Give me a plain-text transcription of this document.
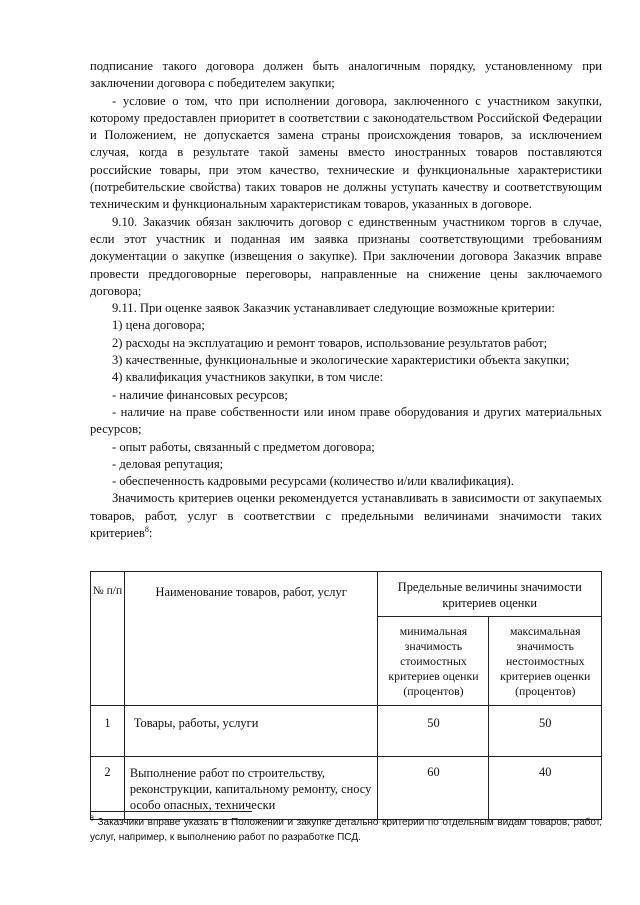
подписание такого договора должен быть аналогичным порядку, установленному при заключении договора с победителем закупки;

- условие о том, что при исполнении договора, заключенного с участником закупки, которому предоставлен приоритет в соответствии с законодательством Российской Федерации и Положением, не допускается замена страны происхождения товаров, за исключением случая, когда в результате такой замены вместо иностранных товаров поставляются российские товары, при этом качество, технические и функциональные характеристики (потребительские свойства) таких товаров не должны уступать качеству и соответствующим техническим и функциональным характеристикам товаров, указанных в договоре.

9.10. Заказчик обязан заключить договор с единственным участником торгов в случае, если этот участник и поданная им заявка признаны соответствующими требованиям документации о закупке (извещения о закупке). При заключении договора Заказчик вправе провести преддоговорные переговоры, направленные на снижение цены заключаемого договора;

9.11. При оценке заявок Заказчик устанавливает следующие возможные критерии:

1) цена договора;

2) расходы на эксплуатацию и ремонт товаров, использование результатов работ;

3) качественные, функциональные и экологические характеристики объекта закупки;

4) квалификация участников закупки, в том числе:

- наличие финансовых ресурсов;

- наличие на праве собственности или ином праве оборудования и других материальных ресурсов;

- опыт работы, связанный с предметом договора;

- деловая репутация;

- обеспеченность кадровыми ресурсами (количество и/или квалификация).

Значимость критериев оценки рекомендуется устанавливать в зависимости от закупаемых товаров, работ, услуг в соответствии с предельными величинами значимости таких критериев$^8$:

№ п/п	Наименование товаров, работ, услуг	Предельные величины значимости критериев оценки	
		минимальная значимость стоимостных критериев оценки (процентов)	максимальная значимость нестоимостных критериев оценки (процентов)
1	Товары, работы, услуги	50	50
2	Выполнение работ по строительству, реконструкции, капитальному ремонту, сносу особо опасных, технически	60	40
$^8$ Заказчики вправе указать в Положении и закупке детально критерии по отдельным видам товаров, работ, услуг, например, к выполнению работ по разработке ПСД.
